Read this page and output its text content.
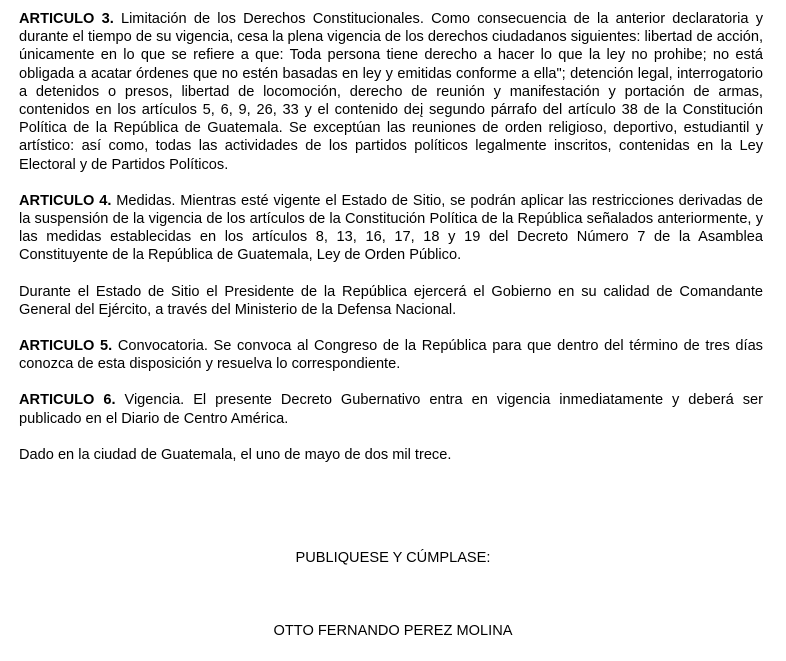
ARTICULO 3. Limitación de los Derechos Constitucionales. Como consecuencia de la anterior declaratoria y durante el tiempo de su vigencia, cesa la plena vigencia de los derechos ciudadanos siguientes: libertad de acción, únicamente en lo que se refiere a que: Toda persona tiene derecho a hacer lo que la ley no prohibe; no está obligada a acatar órdenes que no estén basadas en ley y emitidas conforme a ella"; detención legal, interrogatorio a detenidos o presos, libertad de locomoción, derecho de reunión y manifestación y portación de armas, contenidos en los artículos 5, 6, 9, 26, 33 y el contenido deį segundo párrafo del artículo 38 de la Constitución Política de la República de Guatemala. Se exceptúan las reuniones de orden religioso, deportivo, estudiantil y artístico: así como, todas las actividades de los partidos políticos legalmente inscritos, contenidas en la Ley Electoral y de Partidos Políticos.

ARTICULO 4. Medidas. Mientras esté vigente el Estado de Sitio, se podrán aplicar las restricciones derivadas de la suspensión de la vigencia de los artículos de la Constitución Política de la República señalados anteriormente, y las medidas establecidas en los artículos 8, 13, 16, 17, 18 y 19 del Decreto Número 7 de la Asamblea Constituyente de la República de Guatemala, Ley de Orden Público.

Durante el Estado de Sitio el Presidente de la República ejercerá el Gobierno en su calidad de Comandante General del Ejército, a través del Ministerio de la Defensa Nacional.

ARTICULO 5. Convocatoria. Se convoca al Congreso de la República para que dentro del término de tres días conozca de esta disposición y resuelva lo correspondiente.

ARTICULO 6. Vigencia. El presente Decreto Gubernativo entra en vigencia inmediatamente y deberá ser publicado en el Diario de Centro América.

Dado en la ciudad de Guatemala, el uno de mayo de dos mil trece.

PUBLIQUESE Y CÚMPLASE:
OTTO FERNANDO PEREZ MOLINA
